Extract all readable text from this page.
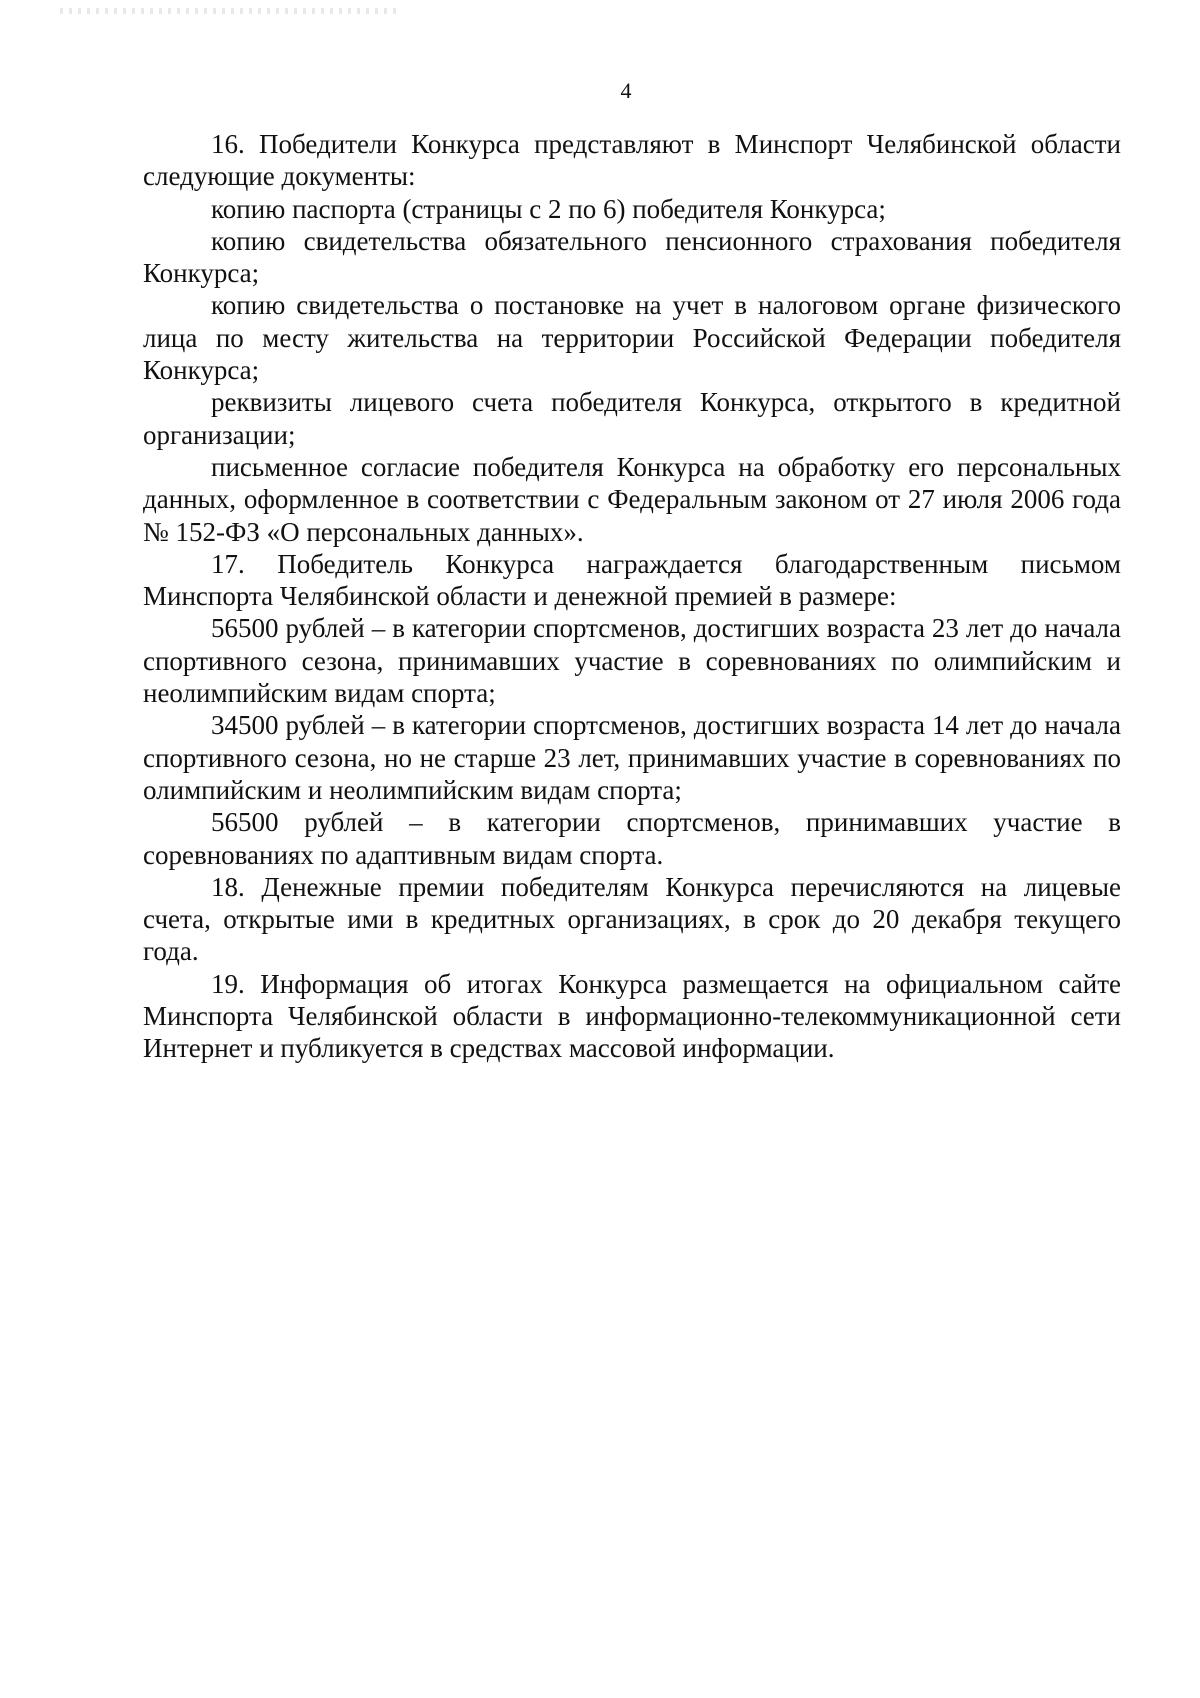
4

16. Победители Конкурса представляют в Минспорт Челябинской области следующие документы:

копию паспорта (страницы с 2 по 6) победителя Конкурса;

копию свидетельства обязательного пенсионного страхования победителя Конкурса;

копию свидетельства о постановке на учет в налоговом органе физического лица по месту жительства на территории Российской Федерации победителя Конкурса;

реквизиты лицевого счета победителя Конкурса, открытого в кредитной организации;

письменное согласие победителя Конкурса на обработку его персональных данных, оформленное в соответствии с Федеральным законом от 27 июля 2006 года № 152-ФЗ «О персональных данных».

17. Победитель Конкурса награждается благодарственным письмом Минспорта Челябинской области и денежной премией в размере:

56500 рублей – в категории спортсменов, достигших возраста 23 лет до начала спортивного сезона, принимавших участие в соревнованиях по олимпийским и неолимпийским видам спорта;

34500 рублей – в категории спортсменов, достигших возраста 14 лет до начала спортивного сезона, но не старше 23 лет, принимавших участие в соревнованиях по олимпийским и неолимпийским видам спорта;

56500 рублей – в категории спортсменов, принимавших участие в соревнованиях по адаптивным видам спорта.

18. Денежные премии победителям Конкурса перечисляются на лицевые счета, открытые ими в кредитных организациях, в срок до 20 декабря текущего года.

19. Информация об итогах Конкурса размещается на официальном сайте Минспорта Челябинской области в информационно-телекоммуникационной сети Интернет и публикуется в средствах массовой информации.
